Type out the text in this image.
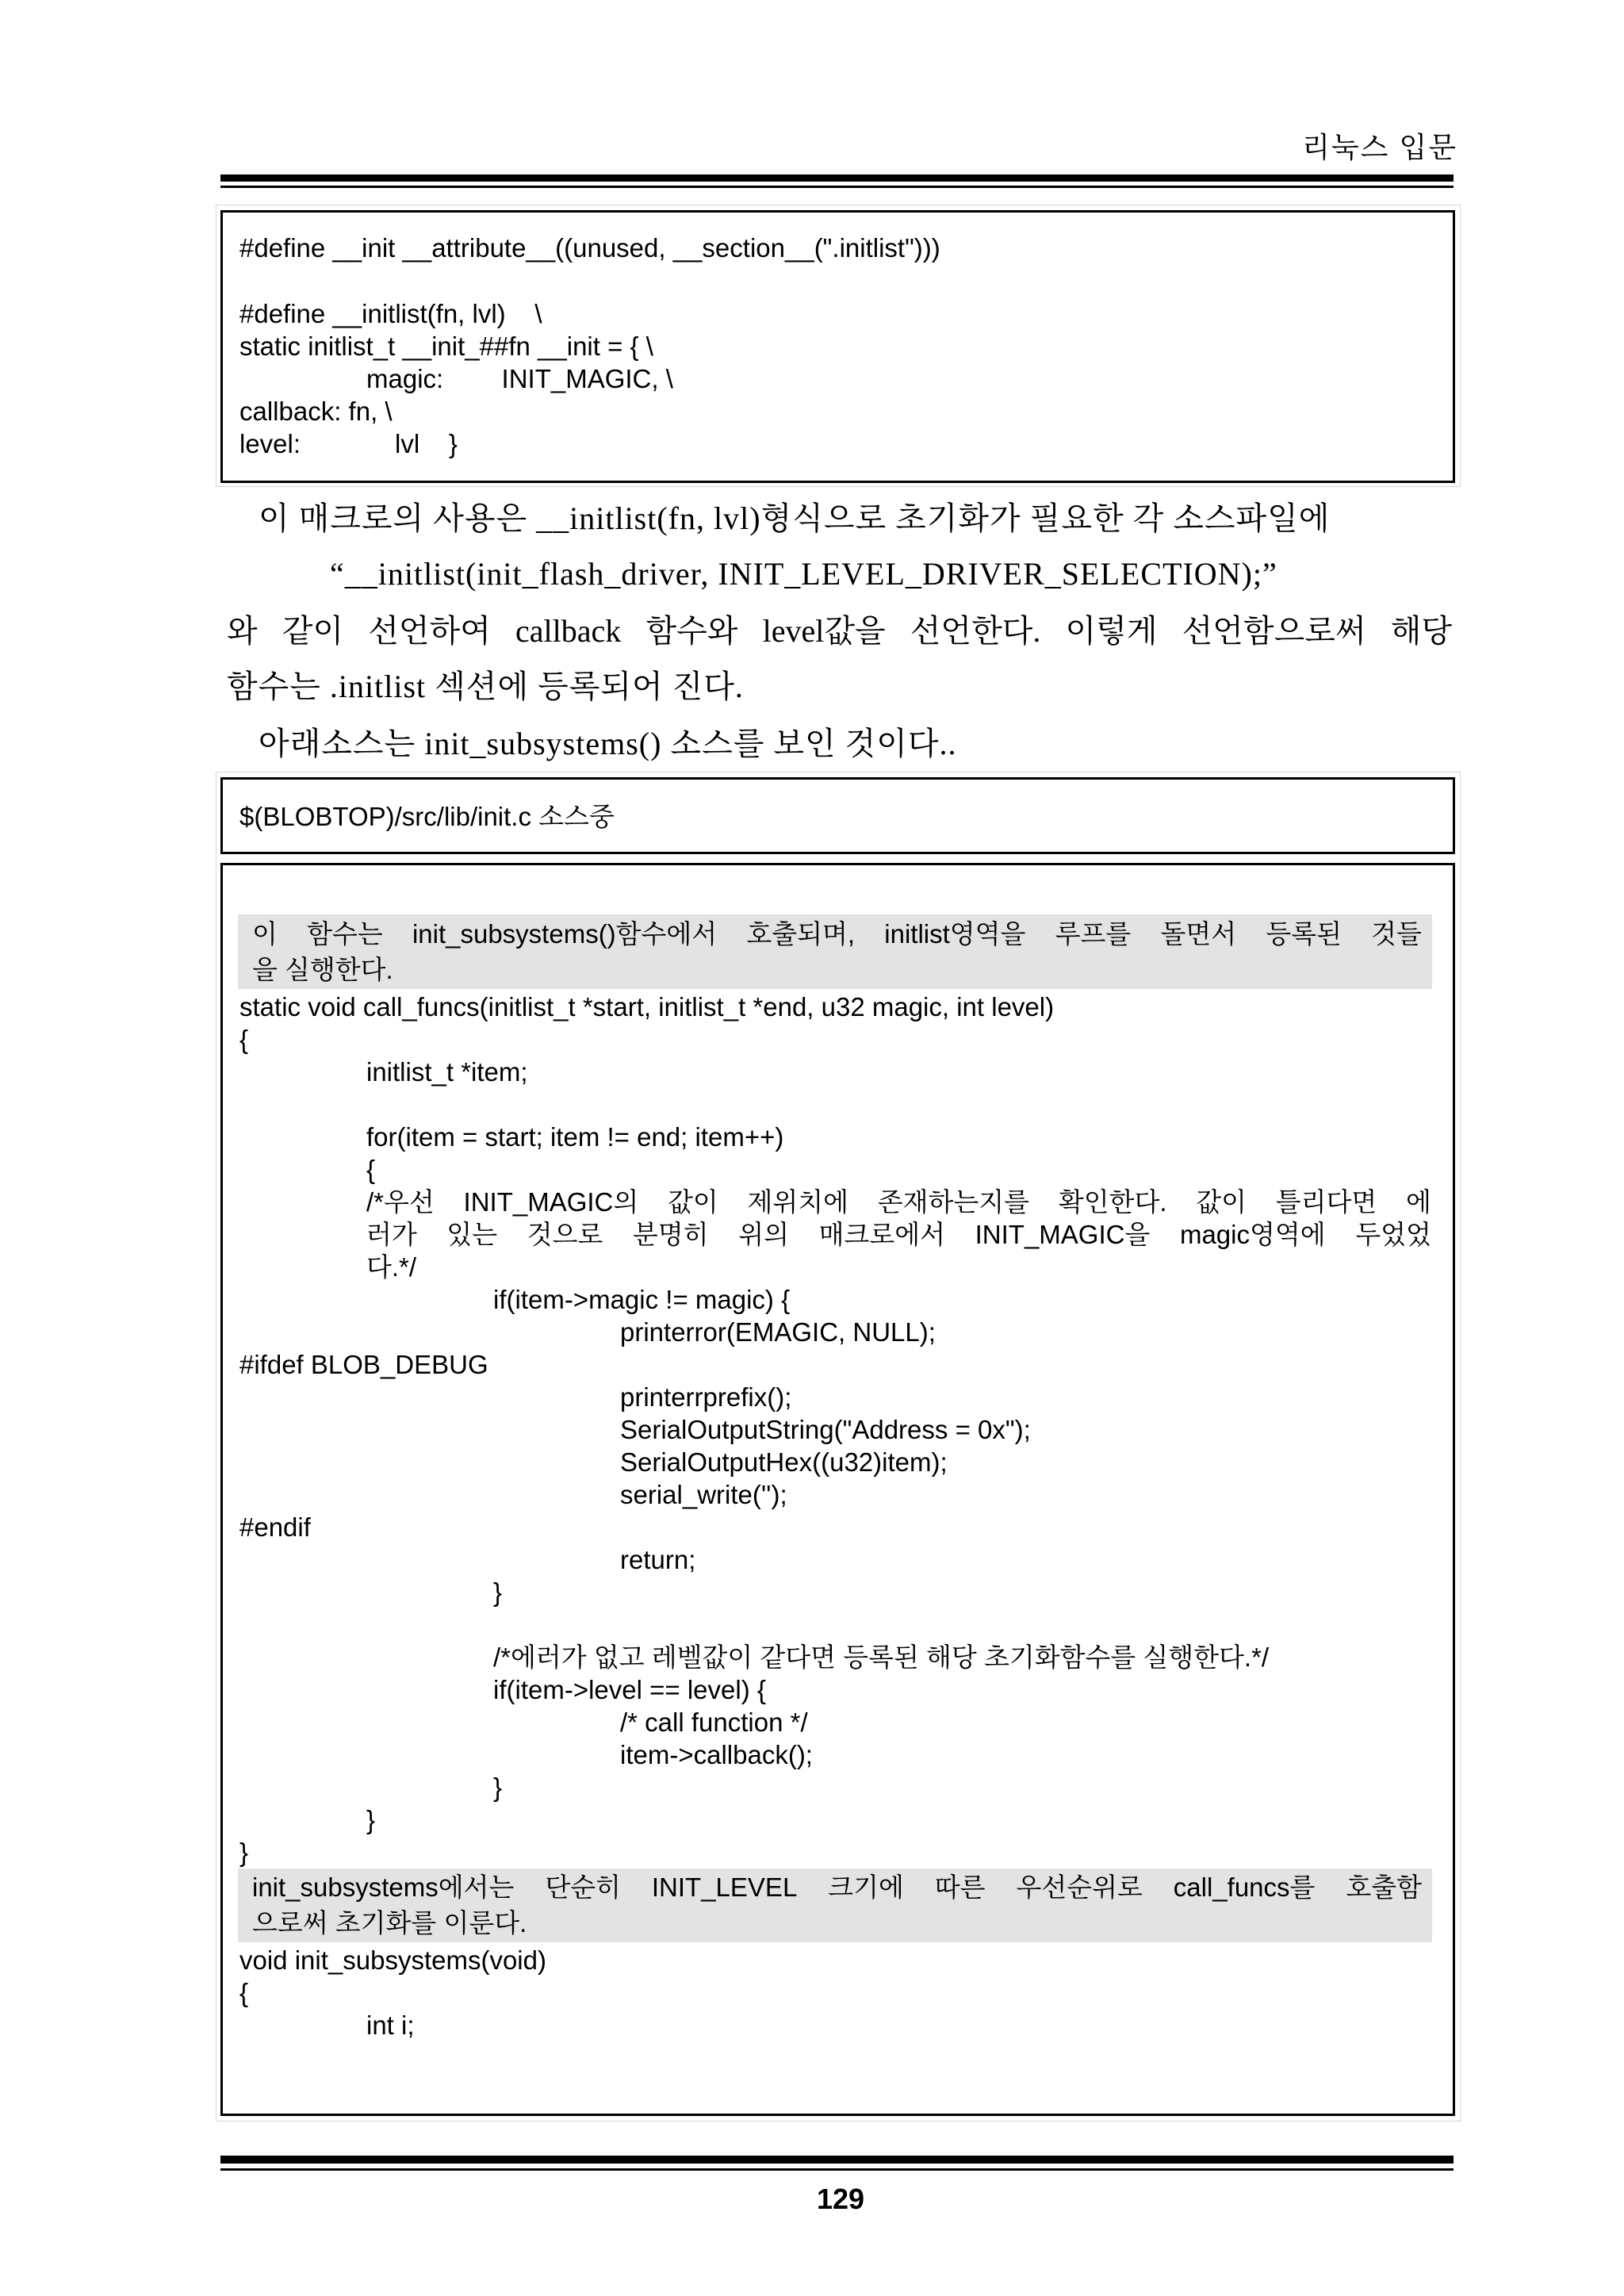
리눅스 입문
#define __init __attribute__((unused, __section__(".initlist")))
#define __initlist(fn, lvl)    \
static initlist_t __init_##fn __init = { \
magic:        INIT_MAGIC, \
callback: fn, \
level:	lvl    }
이 매크로의 사용은 __initlist(fn, lvl)형식으로 초기화가 필요한 각 소스파일에
“__initlist(init_flash_driver, INIT_LEVEL_DRIVER_SELECTION);”
와 같이 선언하여 callback 함수와 level값을 선언한다. 이렇게 선언함으로써 해당
함수는 .initlist 섹션에 등록되어 진다.
아래소스는 init_subsystems() 소스를 보인 것이다..
$(BLOBTOP)/src/lib/init.c 소스중
이 함수는 init_subsystems()함수에서 호출되며, initlist영역을 루프를 돌면서 등록된 것들
을 실행한다.
static void call_funcs(initlist_t *start, initlist_t *end, u32 magic, int level)
{
initlist_t *item;
for(item = start; item != end; item++)
{
/*우선 INIT_MAGIC의 값이 제위치에 존재하는지를 확인한다. 값이 틀리다면 에
러가 있는 것으로 분명히 위의 매크로에서 INIT_MAGIC을 magic영역에 두었었
다.*/
if(item->magic != magic) {
printerror(EMAGIC, NULL);
#ifdef BLOB_DEBUG
printerrprefix();
SerialOutputString("Address = 0x");
SerialOutputHex((u32)item);
serial_write('');
#endif
return;
}
/*에러가 없고 레벨값이 같다면 등록된 해당 초기화함수를 실행한다.*/
if(item->level == level) {
/* call function */
item->callback();
}
}
}
init_subsystems에서는 단순히 INIT_LEVEL 크기에 따른 우선순위로 call_funcs를 호출함
으로써 초기화를 이룬다.
void init_subsystems(void)
{
int i;
129
